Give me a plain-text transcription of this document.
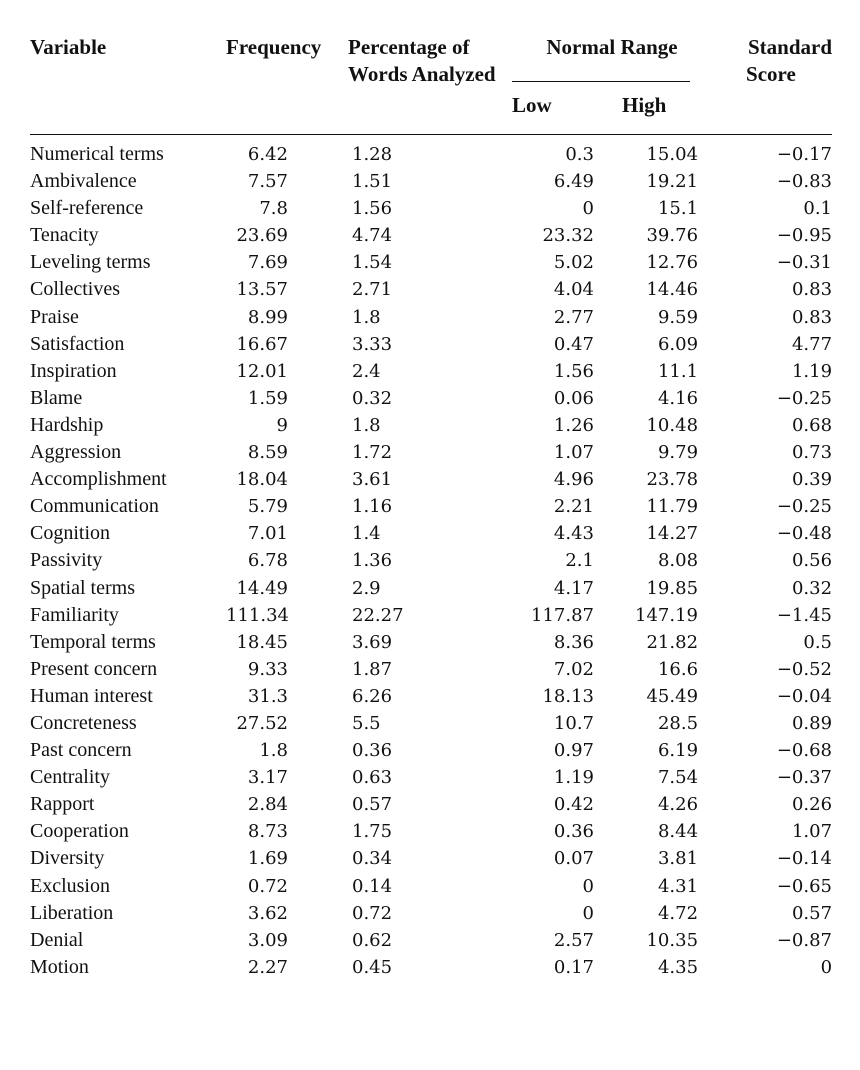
Variable	Frequency	Percentage of
Words Analyzed	Normal Range		Standard
Score
			Low	High	

Numerical terms	6.42	1.28	0.3	15.04	−0.17
Ambivalence	7.57	1.51	6.49	19.21	−0.83
Self-reference	7.8	1.56	0	15.1	0.1
Tenacity	23.69	4.74	23.32	39.76	−0.95
Leveling terms	7.69	1.54	5.02	12.76	−0.31
Collectives	13.57	2.71	4.04	14.46	0.83
Praise	8.99	1.8	2.77	9.59	0.83
Satisfaction	16.67	3.33	0.47	6.09	4.77
Inspiration	12.01	2.4	1.56	11.1	1.19
Blame	1.59	0.32	0.06	4.16	−0.25
Hardship	9	1.8	1.26	10.48	0.68
Aggression	8.59	1.72	1.07	9.79	0.73
Accomplishment	18.04	3.61	4.96	23.78	0.39
Communication	5.79	1.16	2.21	11.79	−0.25
Cognition	7.01	1.4	4.43	14.27	−0.48
Passivity	6.78	1.36	2.1	8.08	0.56
Spatial terms	14.49	2.9	4.17	19.85	0.32
Familiarity	111.34	22.27	117.87	147.19	−1.45
Temporal terms	18.45	3.69	8.36	21.82	0.5
Present concern	9.33	1.87	7.02	16.6	−0.52
Human interest	31.3	6.26	18.13	45.49	−0.04
Concreteness	27.52	5.5	10.7	28.5	0.89
Past concern	1.8	0.36	0.97	6.19	−0.68
Centrality	3.17	0.63	1.19	7.54	−0.37
Rapport	2.84	0.57	0.42	4.26	0.26
Cooperation	8.73	1.75	0.36	8.44	1.07
Diversity	1.69	0.34	0.07	3.81	−0.14
Exclusion	0.72	0.14	0	4.31	−0.65
Liberation	3.62	0.72	0	4.72	0.57
Denial	3.09	0.62	2.57	10.35	−0.87
Motion	2.27	0.45	0.17	4.35	0
